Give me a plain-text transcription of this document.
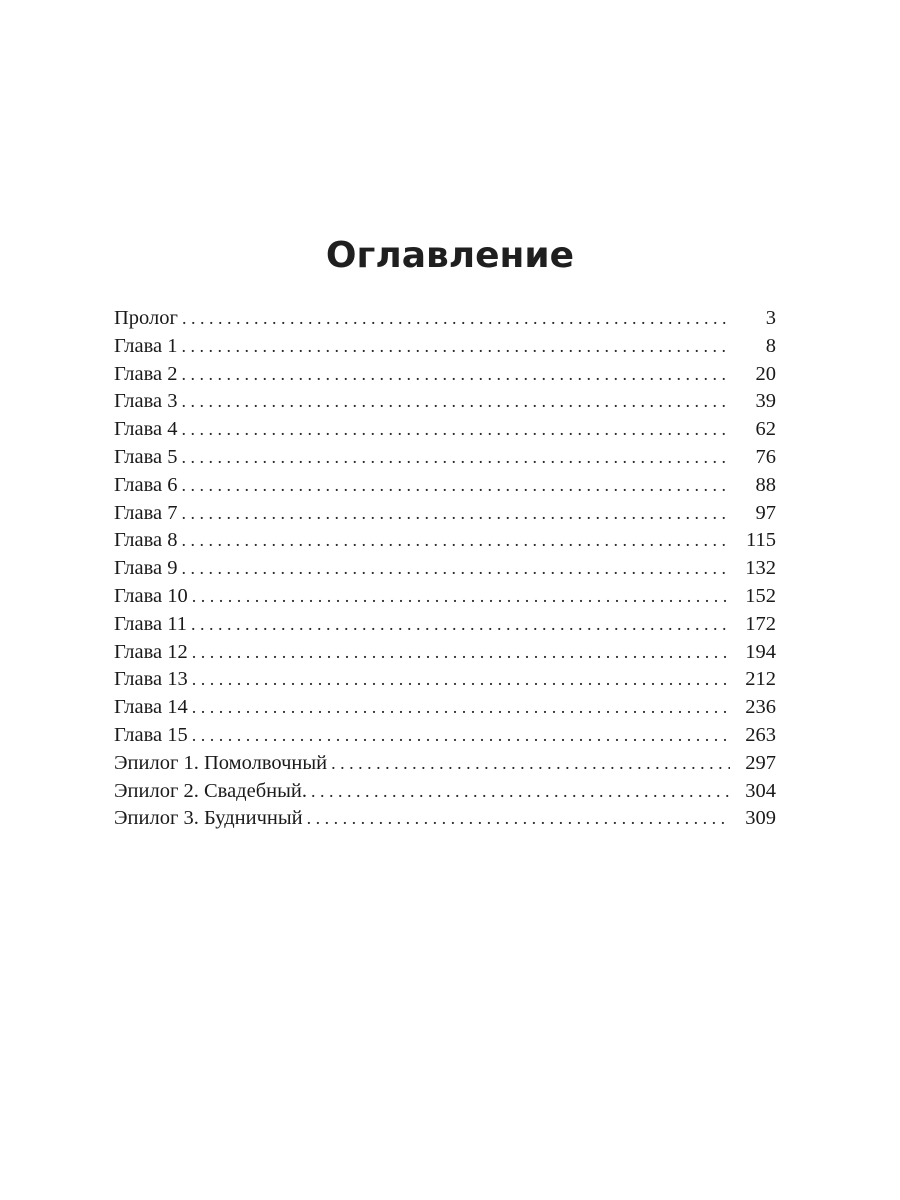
Оглавление
Пролог . . .	3
Глава 1 . . .	8
Глава 2 . . .	20
Глава 3 . . .	39
Глава 4 . . .	62
Глава 5 . . .	76
Глава 6 . . .	88
Глава 7 . . .	97
Глава 8 . . .	115
Глава 9 . . .	132
Глава 10 . . .	152
Глава 11 . . .	172
Глава 12 . . .	194
Глава 13 . . .	212
Глава 14 . . .	236
Глава 15 . . .	263
Эпилог 1. Помолвочный . . .	297
Эпилог 2. Свадебный. . . .	304
Эпилог 3. Будничный . . .	309
